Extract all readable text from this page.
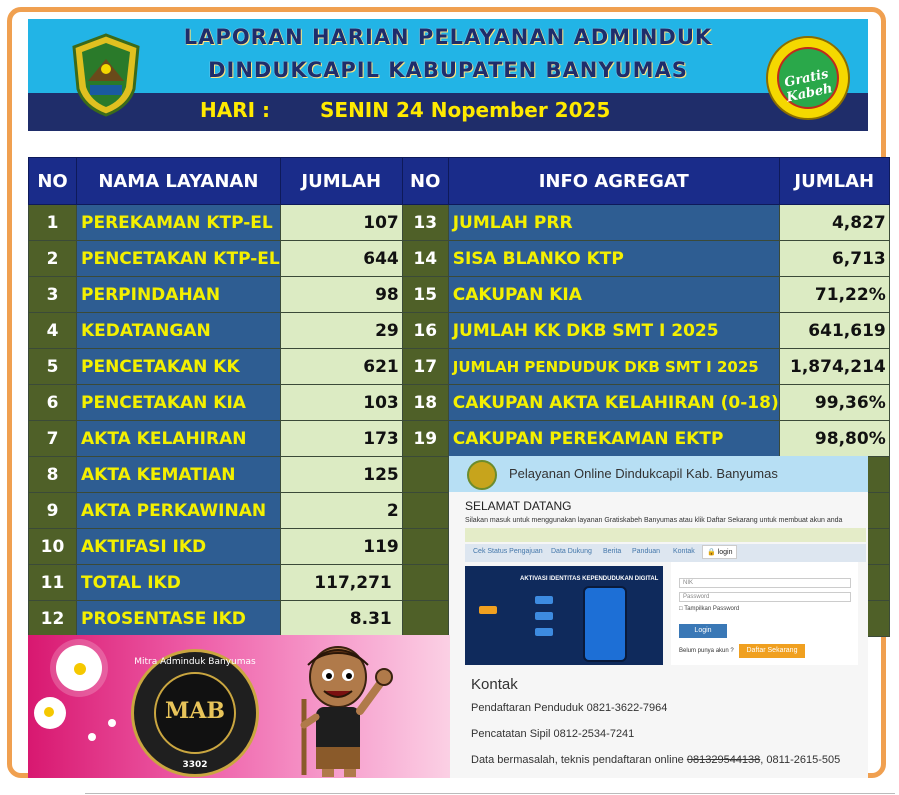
LAPORAN HARIAN PELAYANAN ADMINDUK
DINDUKCAPIL KABUPATEN BANYUMAS
HARI : SENIN 24 Nopember 2025
Gratis Kabeh
NO	NAMA LAYANAN	JUMLAH	NO	INFO AGREGAT	JUMLAH
1	PEREKAMAN KTP-EL	107	13	JUMLAH PRR	4,827
2	PENCETAKAN KTP-EL	644	14	SISA BLANKO KTP	6,713
3	PERPINDAHAN	98	15	CAKUPAN KIA	71,22%
4	KEDATANGAN	29	16	JUMLAH KK DKB SMT I 2025	641,619
5	PENCETAKAN KK	621	17	JUMLAH PENDUDUK DKB SMT I 2025	1,874,214
6	PENCETAKAN KIA	103	18	CAKUPAN AKTA KELAHIRAN (0-18)	99,36%
7	AKTA KELAHIRAN	173	19	CAKUPAN PEREKAMAN EKTP	98,80%
8	AKTA KEMATIAN	125			
9	AKTA PERKAWINAN	2			
10	AKTIFASI IKD	119			
11	TOTAL IKD	117,271			
12	PROSENTASE IKD	8.31			
Pelayanan Online Dindukcapil Kab. Banyumas
SELAMAT DATANG
Silakan masuk untuk menggunakan layanan Gratiskabeh Banyumas atau klik Daftar Sekarang untuk membuat akun anda
Cek Status Pengajuan Data Dukung Berita Panduan Kontak	🔒 login
AKTIVASI IDENTITAS KEPENDUDUKAN DIGITAL
NIK
Password
□ Tampilkan Password
Login
Belum punya akun ?	Daftar Sekarang
Kontak
Pendaftaran Penduduk 0821-3622-7964
Pencatatan Sipil 0812-2534-7241
Data bermasalah, teknis pendaftaran online 081329544138, 0811-2615-505
Mitra Adminduk Banyumas
MAB
3302
